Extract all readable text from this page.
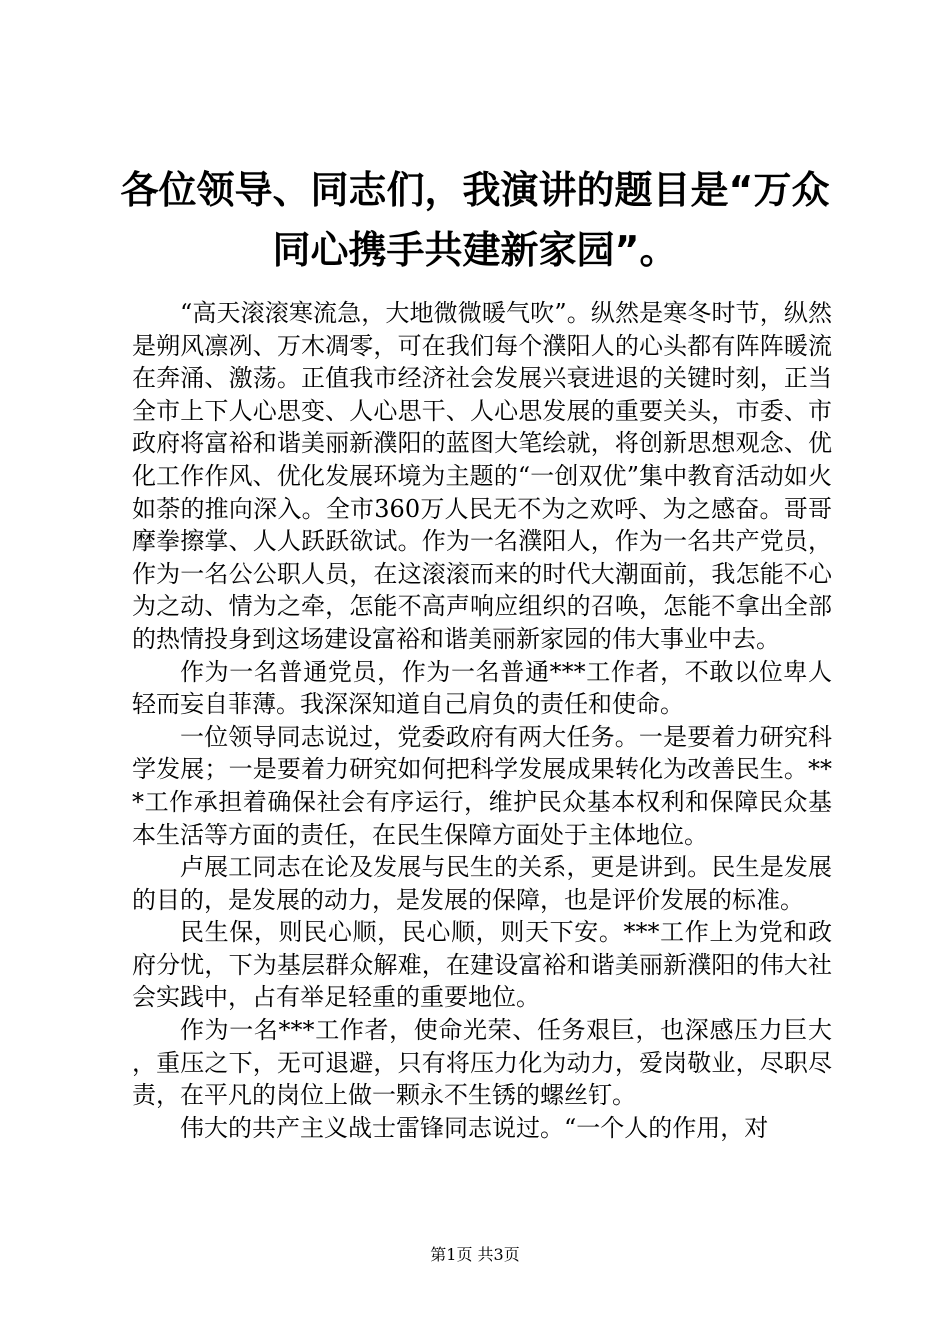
各位领导、同志们，我演讲的题目是“万众同心携手共建新家园”。

“高天滚滚寒流急，大地微微暖气吹”。纵然是寒冬时节，纵然是朔风凛冽、万木凋零，可在我们每个濮阳人的心头都有阵阵暖流在奔涌、激荡。正值我市经济社会发展兴衰进退的关键时刻，正当全市上下人心思变、人心思干、人心思发展的重要关头，市委、市政府将富裕和谐美丽新濮阳的蓝图大笔绘就，将创新思想观念、优化工作作风、优化发展环境为主题的“一创双优”集中教育活动如火如荼的推向深入。全市360万人民无不为之欢呼、为之感奋。哥哥摩拳擦掌、人人跃跃欲试。作为一名濮阳人，作为一名共产党员，作为一名公公职人员，在这滚滚而来的时代大潮面前，我怎能不心为之动、情为之牵，怎能不高声响应组织的召唤，怎能不拿出全部的热情投身到这场建设富裕和谐美丽新家园的伟大事业中去。

作为一名普通党员，作为一名普通***工作者，不敢以位卑人轻而妄自菲薄。我深深知道自己肩负的责任和使命。

一位领导同志说过，党委政府有两大任务。一是要着力研究科学发展；一是要着力研究如何把科学发展成果转化为改善民生。***工作承担着确保社会有序运行，维护民众基本权利和保障民众基本生活等方面的责任，在民生保障方面处于主体地位。

卢展工同志在论及发展与民生的关系，更是讲到。民生是发展的目的，是发展的动力，是发展的保障，也是评价发展的标准。

民生保，则民心顺，民心顺，则天下安。***工作上为党和政府分忧，下为基层群众解难，在建设富裕和谐美丽新濮阳的伟大社会实践中，占有举足轻重的重要地位。

作为一名***工作者，使命光荣、任务艰巨，也深感压力巨大，重压之下，无可退避，只有将压力化为动力，爱岗敬业，尽职尽责，在平凡的岗位上做一颗永不生锈的螺丝钉。

伟大的共产主义战士雷锋同志说过。“一个人的作用，对

第1页 共3页
